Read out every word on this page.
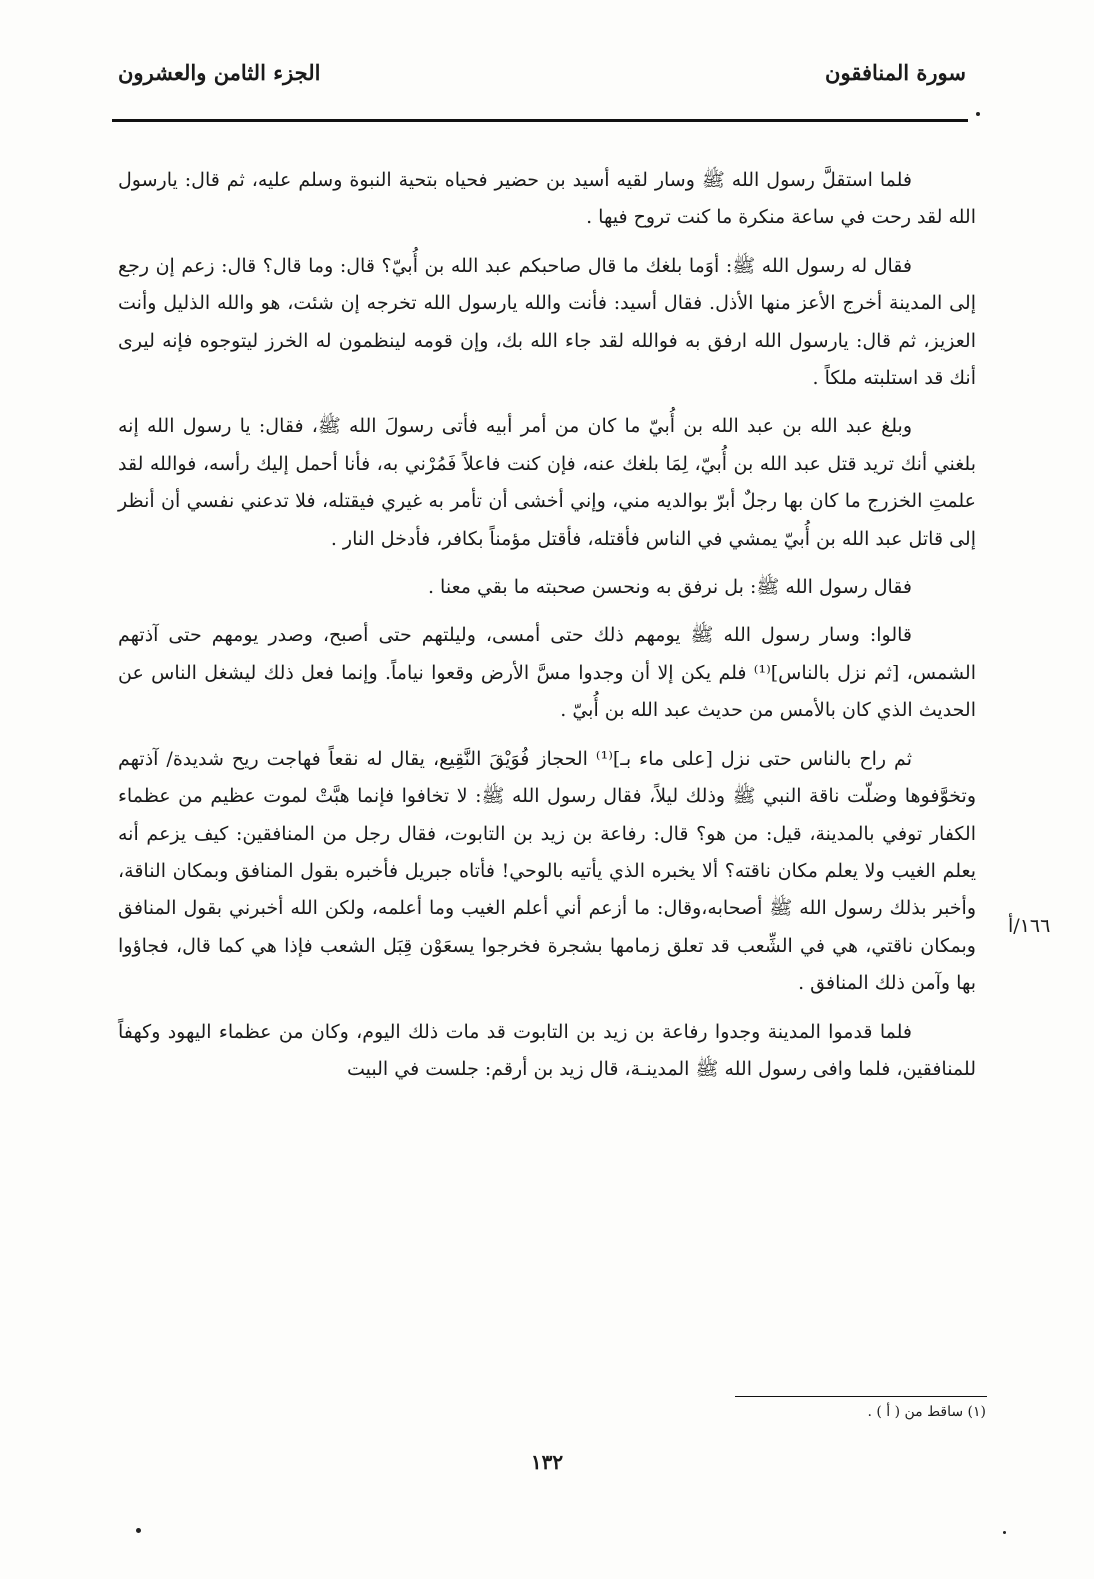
سورة المنافقون
الجزء الثامن والعشرون
١٦٦/أ

فلما استقلَّ رسول الله ﷺ وسار لقيه أسيد بن حضير فحياه بتحية النبوة وسلم عليه، ثم قال: يارسول الله لقد رحت في ساعة منكرة ما كنت تروح فيها .

فقال له رسول الله ﷺ: أوَما بلغك ما قال صاحبكم عبد الله بن أُبيّ؟ قال: وما قال؟ قال: زعم إن رجع إلى المدينة أخرج الأعز منها الأذل. فقال أسيد: فأنت والله يارسول الله تخرجه إن شئت، هو والله الذليل وأنت العزيز، ثم قال: يارسول الله ارفق به فوالله لقد جاء الله بك، وإن قومه لينظمون له الخرز ليتوجوه فإنه ليرى أنك قد استلبته ملكاً .

وبلغ عبد الله بن عبد الله بن أُبيّ ما كان من أمر أبيه فأتى رسولَ الله ﷺ، فقال: يا رسول الله إنه بلغني أنك تريد قتل عبد الله بن أُبيّ، لِمَا بلغك عنه، فإن كنت فاعلاً فَمُرْني به، فأنا أحمل إليك رأسه، فوالله لقد علمتِ الخزرج ما كان بها رجلٌ أبرّ بوالديه مني، وإني أخشى أن تأمر به غيري فيقتله، فلا تدعني نفسي أن أنظر إلى قاتل عبد الله بن أُبيّ يمشي في الناس فأقتله، فأقتل مؤمناً بكافر، فأدخل النار .

فقال رسول الله ﷺ: بل نرفق به ونحسن صحبته ما بقي معنا .

قالوا: وسار رسول الله ﷺ يومهم ذلك حتى أمسى، وليلتهم حتى أصبح، وصدر يومهم حتى آذتهم الشمس، [ثم نزل بالناس]⁽¹⁾ فلم يكن إلا أن وجدوا مسَّ الأرض وقعوا نياماً. وإنما فعل ذلك ليشغل الناس عن الحديث الذي كان بالأمس من حديث عبد الله بن أُبيّ .

ثم راح بالناس حتى نزل [على ماء بـ]⁽¹⁾ الحجاز فُوَيْقَ النَّقِيع، يقال له نقعاً فهاجت ريح شديدة/ آذتهم وتخوَّفوها وضلّت ناقة النبي ﷺ وذلك ليلاً، فقال رسول الله ﷺ: لا تخافوا فإنما هبَّتْ لموت عظيم من عظماء الكفار توفي بالمدينة، قيل: من هو؟ قال: رفاعة بن زيد بن التابوت، فقال رجل من المنافقين: كيف يزعم أنه يعلم الغيب ولا يعلم مكان ناقته؟ ألا يخبره الذي يأتيه بالوحي! فأتاه جبريل فأخبره بقول المنافق وبمكان الناقة، وأخبر بذلك رسول الله ﷺ أصحابه،وقال: ما أزعم أني أعلم الغيب وما أعلمه، ولكن الله أخبرني بقول المنافق وبمكان ناقتي، هي في الشِّعب قد تعلق زمامها بشجرة فخرجوا يسعَوْن قِبَل الشعب فإذا هي كما قال، فجاؤوا بها وآمن ذلك المنافق .

فلما قدموا المدينة وجدوا رفاعة بن زيد بن التابوت قد مات ذلك اليوم، وكان من عظماء اليهود وكهفاً للمنافقين، فلما وافى رسول الله ﷺ المدينـة، قال زيد بن أرقم: جلست في البيت

(١) ساقط من ( أ ) .
١٣٢
